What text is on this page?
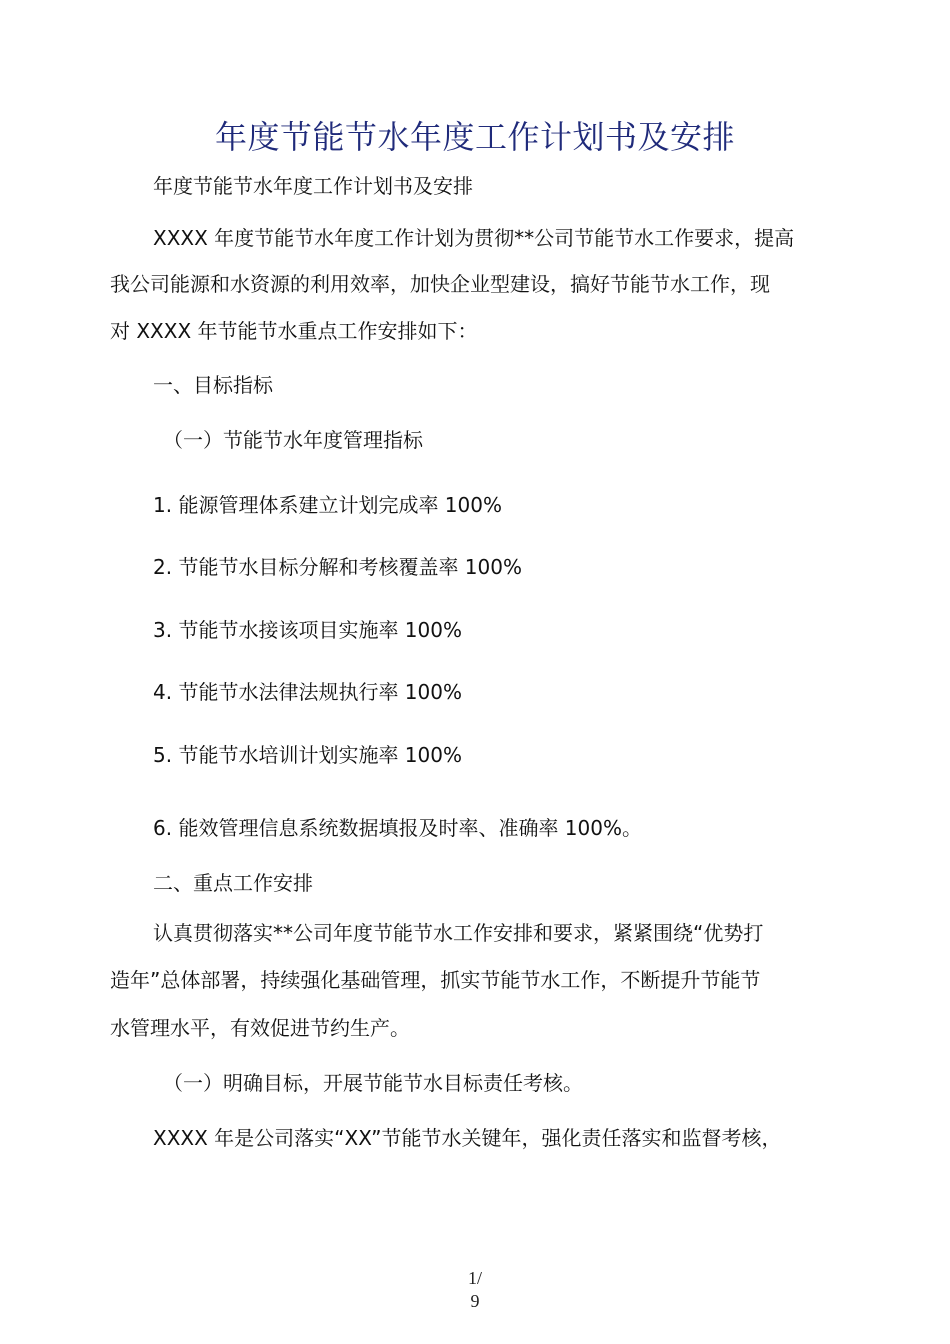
年度节能节水年度工作计划书及安排
年度节能节水年度工作计划书及安排
XXXX 年度节能节水年度工作计划为贯彻**公司节能节水工作要求，提高
我公司能源和水资源的利用效率，加快企业型建设，搞好节能节水工作，现
对 XXXX 年节能节水重点工作安排如下：
一、目标指标
（一）节能节水年度管理指标
1. 能源管理体系建立计划完成率 100%
2. 节能节水目标分解和考核覆盖率 100%
3. 节能节水接该项目实施率 100%
4. 节能节水法律法规执行率 100%
5. 节能节水培训计划实施率 100%
6. 能效管理信息系统数据填报及时率、准确率 100%。
二、重点工作安排
认真贯彻落实**公司年度节能节水工作安排和要求，紧紧围绕“优势打
造年”总体部署，持续强化基础管理，抓实节能节水工作，不断提升节能节
水管理水平，有效促进节约生产。
（一）明确目标，开展节能节水目标责任考核。
XXXX 年是公司落实“XX”节能节水关键年，强化责任落实和监督考核，
1/
9
